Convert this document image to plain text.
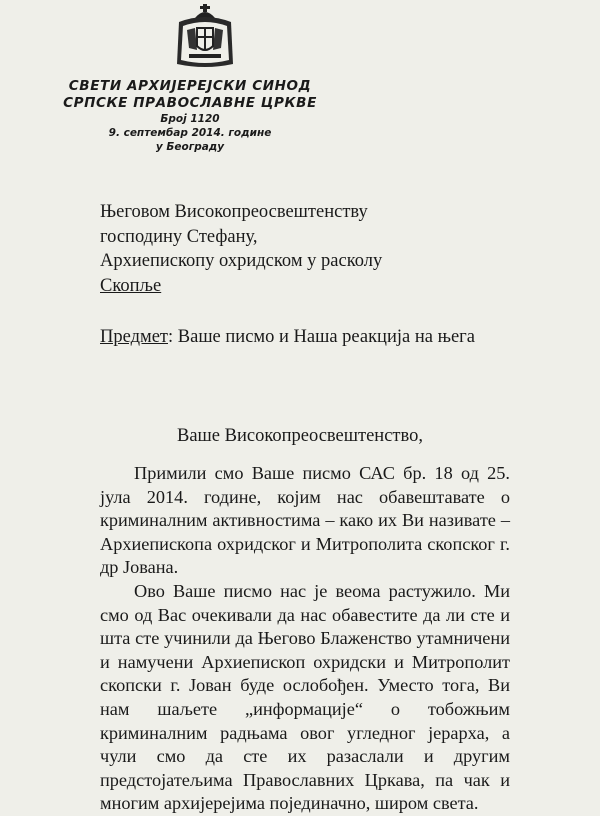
СВЕТИ АРХИЈЕРЕЈСКИ СИНОД
СРПСКЕ ПРАВОСЛАВНЕ ЦРКВЕ
Број 1120
9. септембар 2014. године
у Београду
Његовом Високопреосвештенству
господину Стефану,
Архиепископу охридском у расколу
Скопље
Предмет: Ваше писмо и Наша реакција на њега
Ваше Високопреосвештенство,

Примили смо Ваше писмо САС бр. 18 од 25. јула 2014. године, којим нас обавештавате о криминалним активностима – како их Ви називате – Архиепископа охридског и Митрополита скопског г. др Јована.

Ово Ваше писмо нас је веома растужило. Ми смо од Вас очекивали да нас обавестите да ли сте и шта сте учинили да Његово Блаженство утамничени и намучени Архиепископ охридски и Митрополит скопски г. Јован буде ослобођен. Уместо тога, Ви нам шаљете „информације“ о тобожњим криминалним радњама овог угледног јерарха, а чули смо да сте их разаслали и другим предстојатељима Православних Цркава, па чак и многим архијерејима појединачно, широм света.
